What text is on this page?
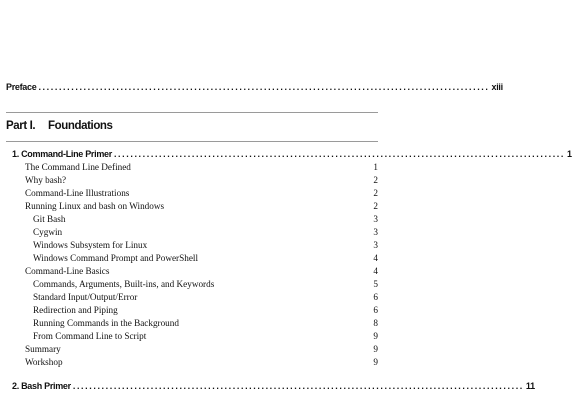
Preface .............................................................................................................. xiii
Part I. Foundations
1. Command-Line Primer .............................................................................................................. 1
The Command Line Defined	1
Why bash?	2
Command-Line Illustrations	2
Running Linux and bash on Windows	2
Git Bash	3
Cygwin	3
Windows Subsystem for Linux	3
Windows Command Prompt and PowerShell	4
Command-Line Basics	4
Commands, Arguments, Built-ins, and Keywords	5
Standard Input/Output/Error	6
Redirection and Piping	6
Running Commands in the Background	8
From Command Line to Script	9
Summary	9
Workshop	9
2. Bash Primer .............................................................................................................. 11
